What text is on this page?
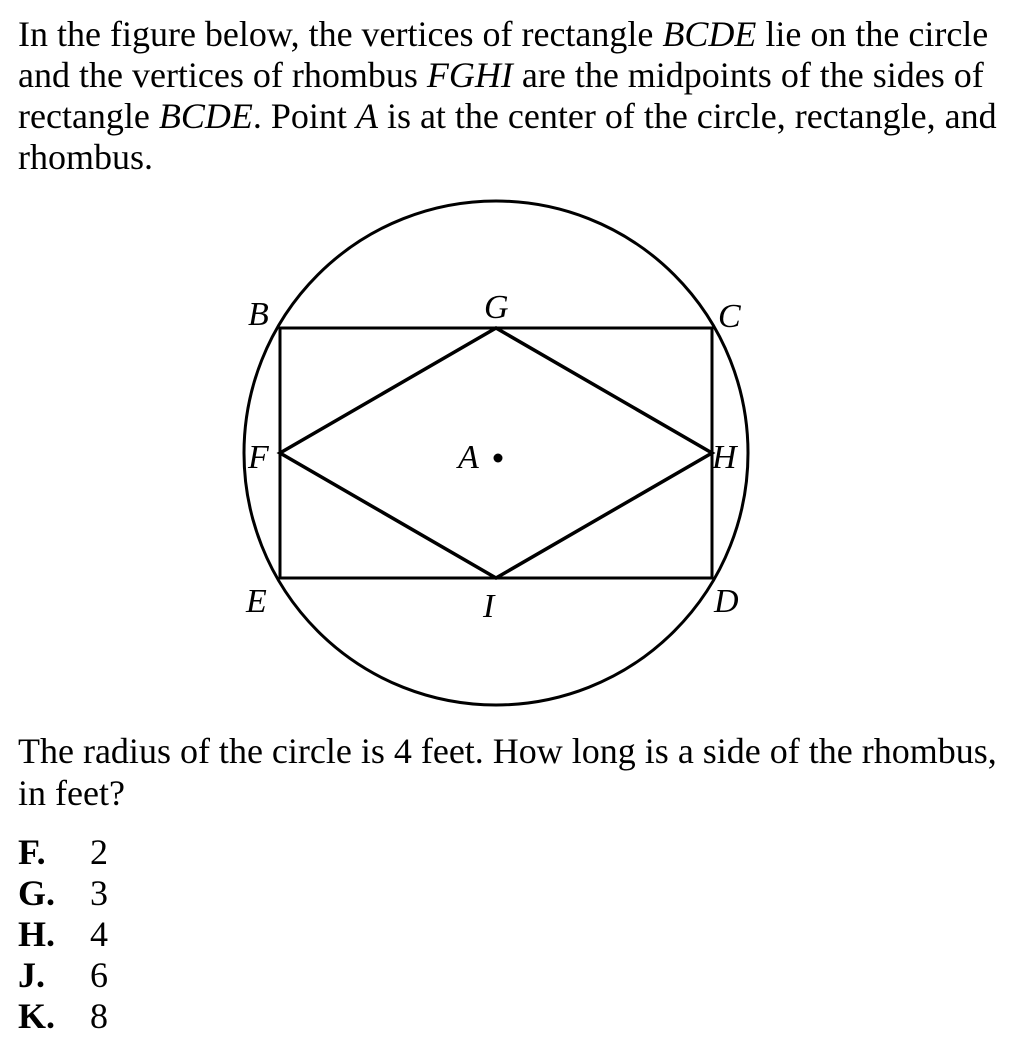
In the figure below, the vertices of rectangle BCDE lie on the circle and the vertices of rhombus FGHI are the midpoints of the sides of rectangle BCDE. Point A is at the center of the circle, rectangle, and rhombus.

B	G	C
F	A	H
E	I	D

The radius of the circle is 4 feet. How long is a side of the rhombus, in feet?

F.	2
G. 3
H. 4
J.	6
K. 8
